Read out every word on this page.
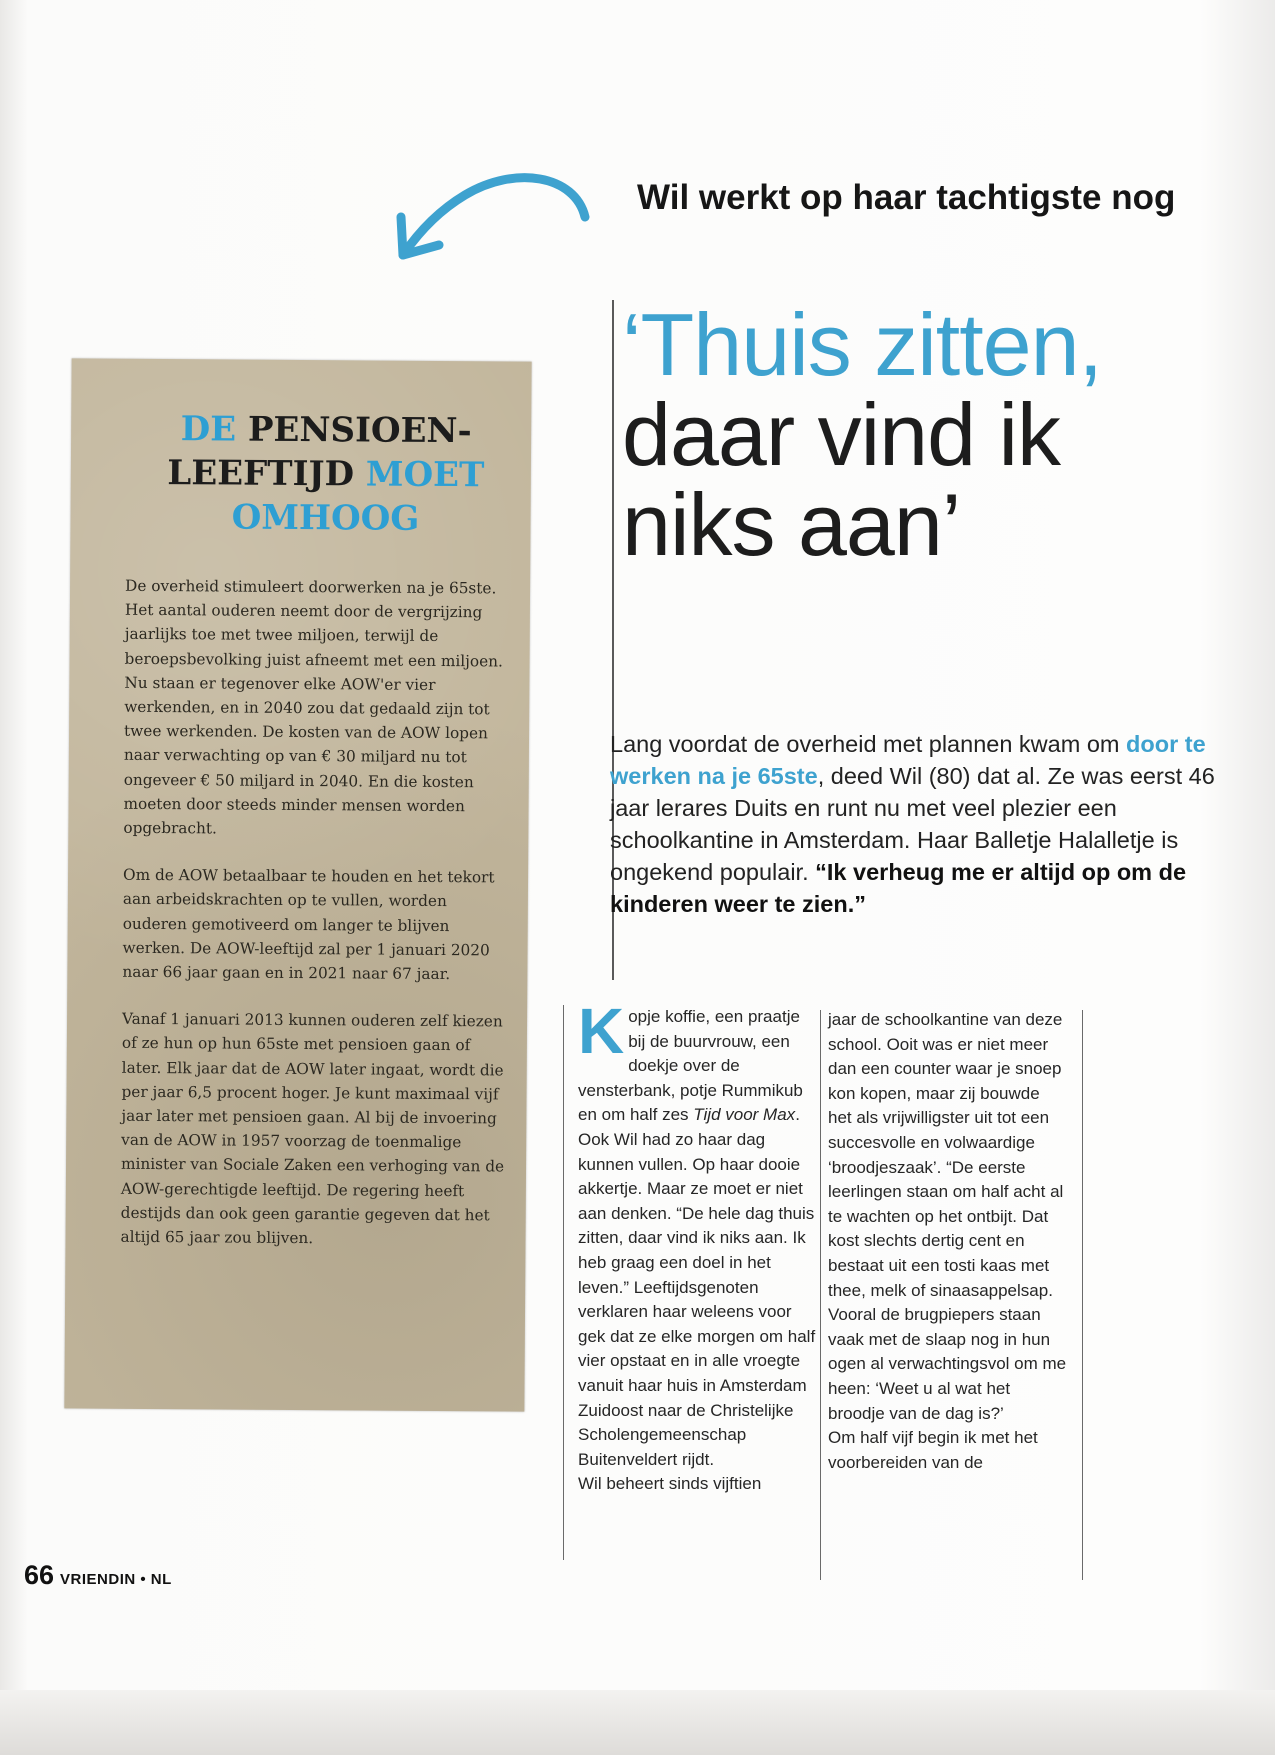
Wil werkt op haar tachtigste nog
‘Thuis zitten,
daar vind ik
niks aan’
Lang voordat de overheid met plannen kwam om door te werken na je 65ste, deed Wil (80) dat al. Ze was eerst 46 jaar lerares Duits en runt nu met veel plezier een schoolkantine in Amsterdam. Haar Balletje Halalletje is ongekend populair. “Ik verheug me er altijd op om de kinderen weer te zien.”
Kopje koffie, een praatje bij de buurvrouw, een doekje over de vensterbank, potje Rummikub en om half zes Tijd voor Max. Ook Wil had zo haar dag kunnen vullen. Op haar dooie akkertje. Maar ze moet er niet aan denken. “De hele dag thuis zitten, daar vind ik niks aan. Ik heb graag een doel in het leven.” Leeftijdsgenoten verklaren haar weleens voor gek dat ze elke morgen om half vier opstaat en in alle vroegte vanuit haar huis in Amsterdam Zuidoost naar de Christelijke Scholengemeenschap Buitenveldert rijdt.
Wil beheert sinds vijftien
jaar de schoolkantine van deze school. Ooit was er niet meer dan een counter waar je snoep kon kopen, maar zij bouwde het als vrijwilligster uit tot een succesvolle en volwaardige ‘broodjeszaak’. “De eerste leerlingen staan om half acht al te wachten op het ontbijt. Dat kost slechts dertig cent en bestaat uit een tosti kaas met thee, melk of sinaasappelsap. Vooral de brugpiepers staan vaak met de slaap nog in hun ogen al verwachtingsvol om me heen: ‘Weet u al wat het broodje van de dag is?’
Om half vijf begin ik met het voorbereiden van de
DE PENSIOEN-
LEEFTIJD MOET
OMHOOG

De overheid stimuleert doorwerken na je 65ste. Het aantal ouderen neemt door de vergrijzing jaarlijks toe met twee miljoen, terwijl de beroepsbevolking juist afneemt met een miljoen. Nu staan er tegenover elke AOW'er vier werkenden, en in 2040 zou dat gedaald zijn tot twee werkenden. De kosten van de AOW lopen naar verwachting op van € 30 miljard nu tot ongeveer € 50 miljard in 2040. En die kosten moeten door steeds minder mensen worden opgebracht.

Om de AOW betaalbaar te houden en het tekort aan arbeidskrachten op te vullen, worden ouderen gemotiveerd om langer te blijven werken. De AOW-leeftijd zal per 1 januari 2020 naar 66 jaar gaan en in 2021 naar 67 jaar.

Vanaf 1 januari 2013 kunnen ouderen zelf kiezen of ze hun op hun 65ste met pensioen gaan of later. Elk jaar dat de AOW later ingaat, wordt die per jaar 6,5 procent hoger. Je kunt maximaal vijf jaar later met pensioen gaan. Al bij de invoering van de AOW in 1957 voorzag de toenmalige minister van Sociale Zaken een verhoging van de AOW-gerechtigde leeftijd. De regering heeft destijds dan ook geen garantie gegeven dat het altijd 65 jaar zou blijven.

66 VRIENDIN • NL
